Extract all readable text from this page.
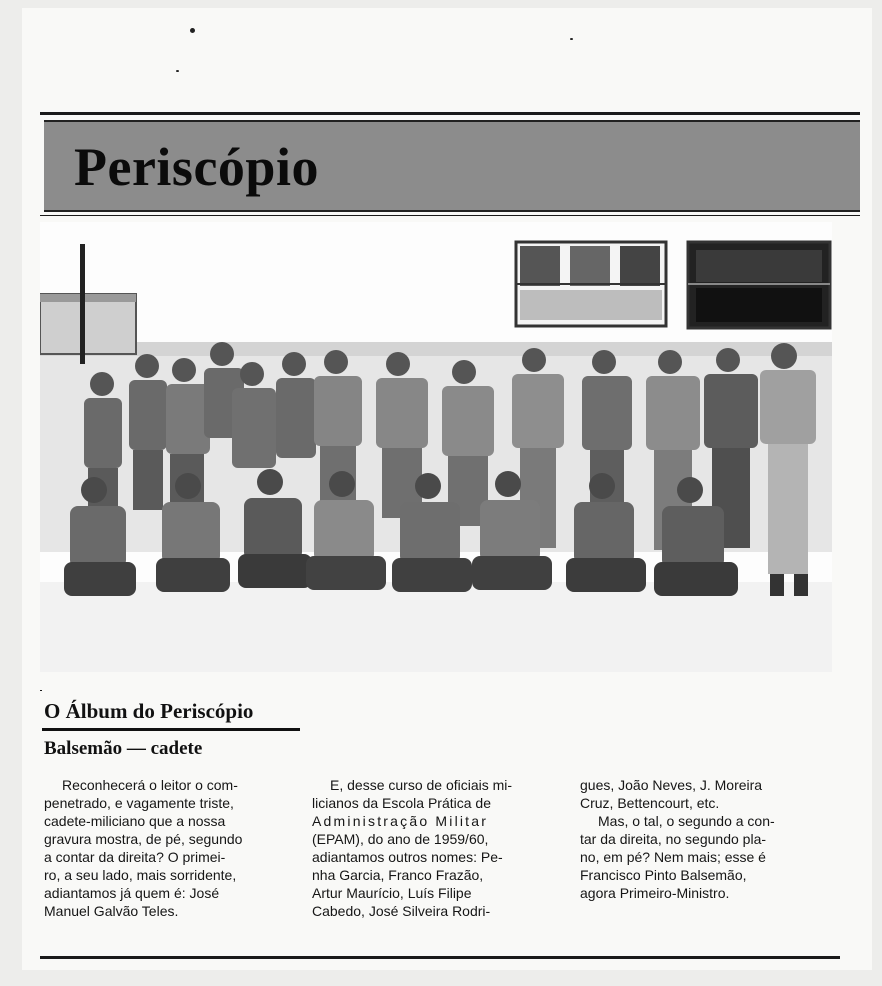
Periscópio
O Álbum do Periscópio
Balsemão — cadete
Reconhecerá o leitor o com-
penetrado, e vagamente triste,
cadete-miliciano que a nossa
gravura mostra, de pé, segundo
a contar da direita? O primei-
ro, a seu lado, mais sorridente,
adiantamos já quem é: José
Manuel Galvão Teles.
E, desse curso de oficiais mi-
licianos da Escola Prática de
Administração Militar
(EPAM), do ano de 1959/60,
adiantamos outros nomes: Pe-
nha Garcia, Franco Frazão,
Artur Maurício, Luís Filipe
Cabedo, José Silveira Rodri-
gues, João Neves, J. Moreira
Cruz, Bettencourt, etc.
Mas, o tal, o segundo a con-
tar da direita, no segundo pla-
no, em pé? Nem mais; esse é
Francisco Pinto Balsemão,
agora Primeiro-Ministro.
